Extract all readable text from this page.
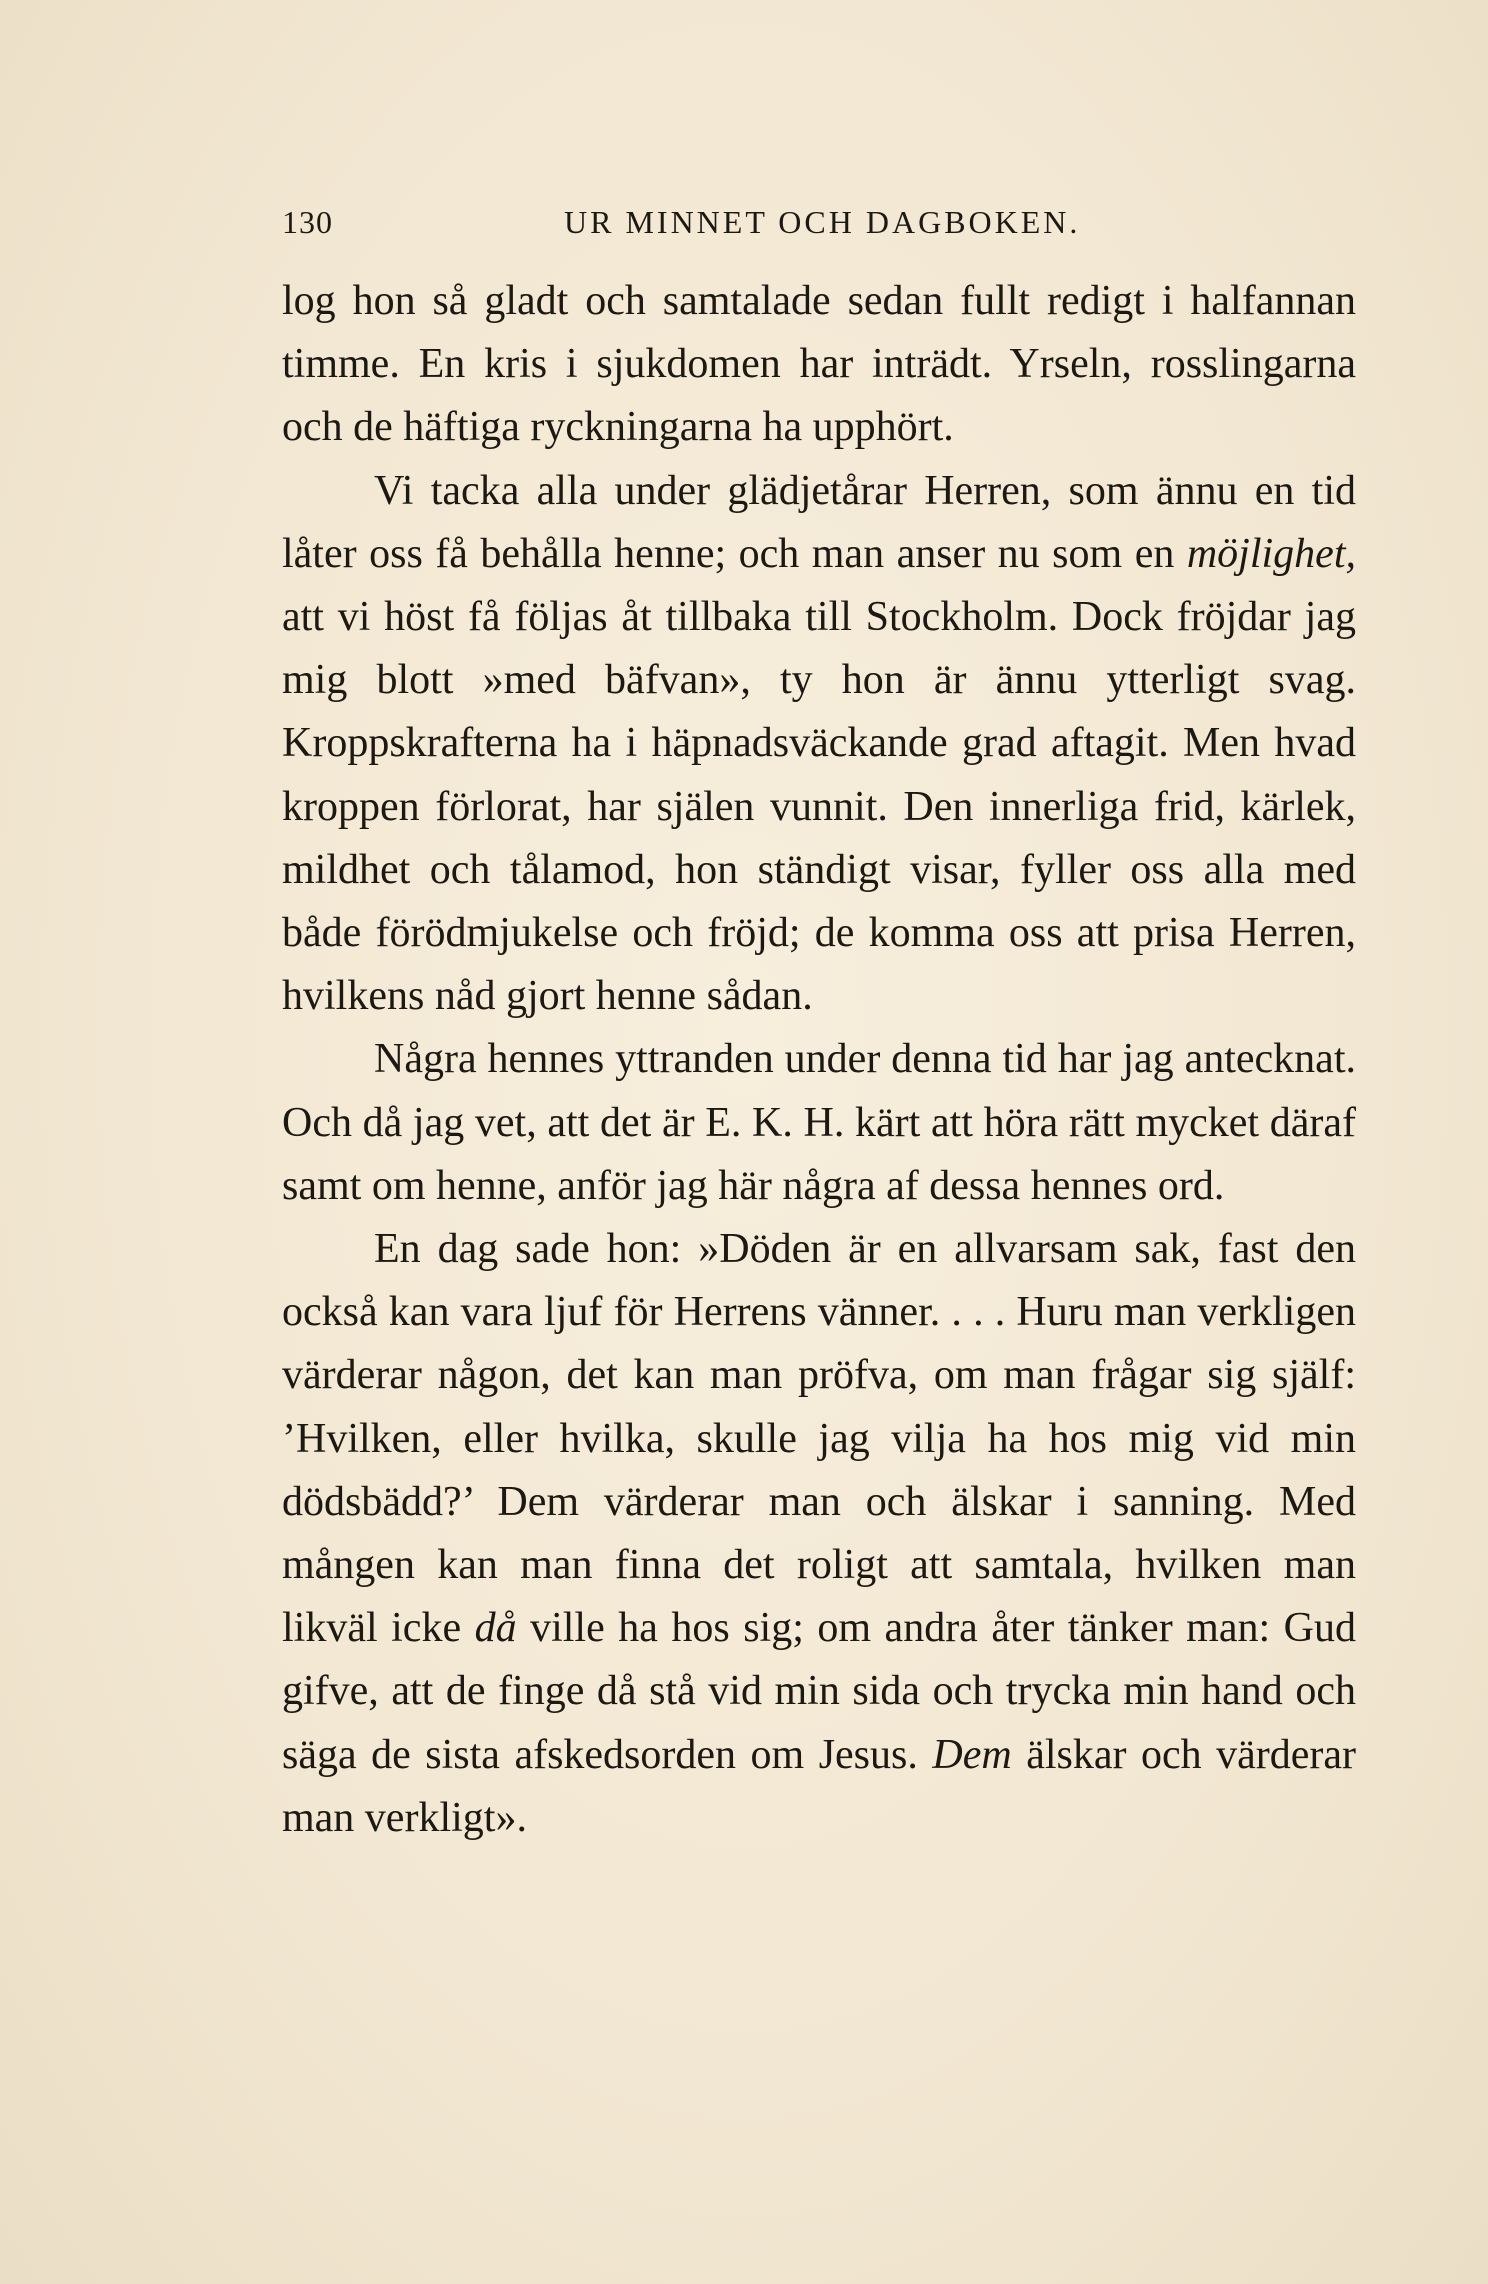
130	UR MINNET OCH DAGBOKEN.

log hon så gladt och samtalade sedan fullt redigt i halfannan timme. En kris i sjukdomen har inträdt. Yrseln, rosslingarna och de häftiga ryckningarna ha upphört.

Vi tacka alla under glädjetårar Herren, som ännu en tid låter oss få behålla henne; och man anser nu som en möjlighet, att vi höst få följas åt tillbaka till Stockholm. Dock fröjdar jag mig blott »med bäfvan», ty hon är ännu ytterligt svag. Kroppskrafterna ha i häpnadsväckande grad aftagit. Men hvad kroppen förlorat, har själen vunnit. Den innerliga frid, kärlek, mildhet och tålamod, hon ständigt visar, fyller oss alla med både förödmjukelse och fröjd; de komma oss att prisa Herren, hvilkens nåd gjort henne sådan.

Några hennes yttranden under denna tid har jag antecknat. Och då jag vet, att det är E. K. H. kärt att höra rätt mycket däraf samt om henne, anför jag här några af dessa hennes ord.

En dag sade hon: »Döden är en allvarsam sak, fast den också kan vara ljuf för Herrens vänner. . . . Huru man verkligen värderar någon, det kan man pröfva, om man frågar sig själf: ’Hvilken, eller hvilka, skulle jag vilja ha hos mig vid min dödsbädd?’ Dem värderar man och älskar i sanning. Med mången kan man finna det roligt att samtala, hvilken man likväl icke då ville ha hos sig; om andra åter tänker man: Gud gifve, att de finge då stå vid min sida och trycka min hand och säga de sista afskedsorden om Jesus. Dem älskar och värderar man verkligt».
